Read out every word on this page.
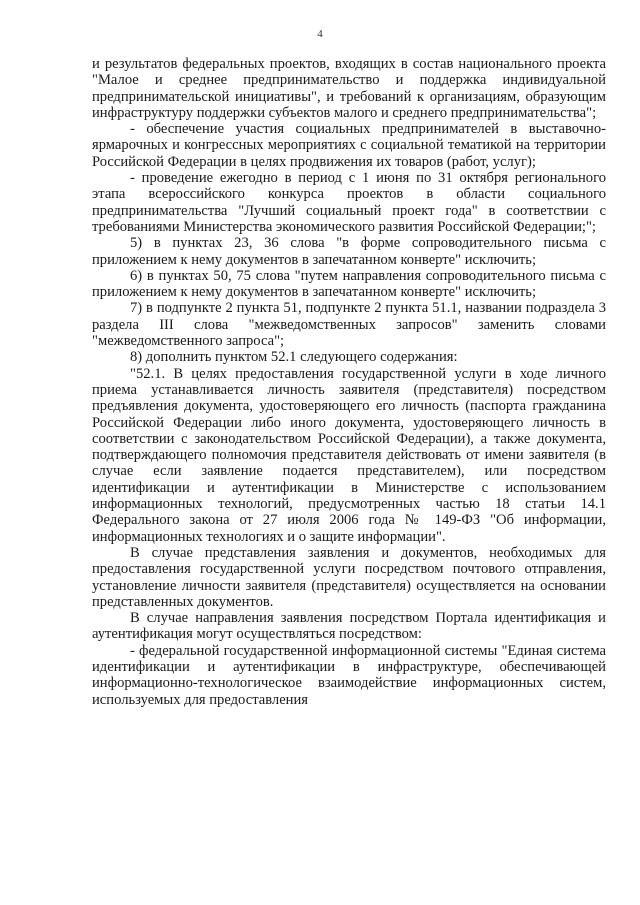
4

и результатов федеральных проектов, входящих в состав национального проекта "Малое и среднее предпринимательство и поддержка индивидуальной предпринимательской инициативы", и требований к организациям, образующим инфраструктуру поддержки субъектов малого и среднего предпринимательства";

- обеспечение участия социальных предпринимателей в выставочно-ярмарочных и конгрессных мероприятиях с социальной тематикой на территории Российской Федерации в целях продвижения их товаров (работ, услуг);

- проведение ежегодно в период с 1 июня по 31 октября регионального этапа всероссийского конкурса проектов в области социального предпринимательства "Лучший социальный проект года" в соответствии с требованиями Министерства экономического развития Российской Федерации;";

5) в пунктах 23, 36 слова "в форме сопроводительного письма с приложением к нему документов в запечатанном конверте" исключить;

6) в пунктах 50, 75 слова "путем направления сопроводительного письма с приложением к нему документов в запечатанном конверте" исключить;

7) в подпункте 2 пункта 51, подпункте 2 пункта 51.1, названии подраздела 3 раздела III слова "межведомственных запросов" заменить словами "межведомственного запроса";

8) дополнить пунктом 52.1 следующего содержания:

"52.1. В целях предоставления государственной услуги в ходе личного приема устанавливается личность заявителя (представителя) посредством предъявления документа, удостоверяющего его личность (паспорта гражданина Российской Федерации либо иного документа, удостоверяющего личность в соответствии с законодательством Российской Федерации), а также документа, подтверждающего полномочия представителя действовать от имени заявителя (в случае если заявление подается представителем), или посредством идентификации и аутентификации в Министерстве с использованием информационных технологий, предусмотренных частью 18 статьи 14.1 Федерального закона от 27 июля 2006 года № 149-ФЗ "Об информации, информационных технологиях и о защите информации".

В случае представления заявления и документов, необходимых для предоставления государственной услуги посредством почтового отправления, установление личности заявителя (представителя) осуществляется на основании представленных документов.

В случае направления заявления посредством Портала идентификация и аутентификация могут осуществляться посредством:

- федеральной государственной информационной системы "Единая система идентификации и аутентификации в инфраструктуре, обеспечивающей информационно-технологическое взаимодействие информационных систем, используемых для предоставления
